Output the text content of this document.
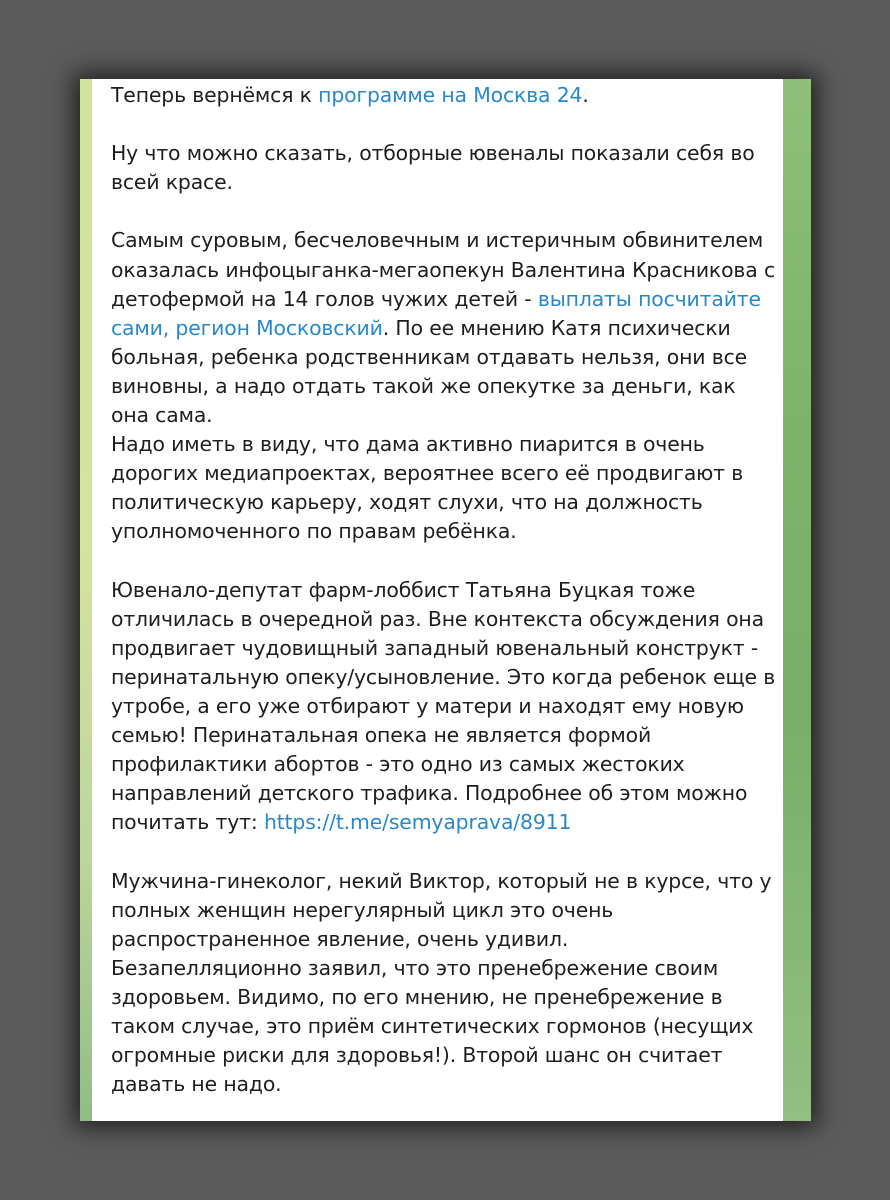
Теперь вернёмся к программе на Москва 24.

Ну что можно сказать, отборные ювеналы показали себя во всей красе.

Самым суровым, бесчеловечным и истеричным обвинителем оказалась инфоцыганка-мегаопекун Валентина Красникова с детофермой на 14 голов чужих детей - выплаты посчитайте сами, регион Московский. По ее мнению Катя психически больная, ребенка родственникам отдавать нельзя, они все виновны, а надо отдать такой же опекутке за деньги, как она сама.
Надо иметь в виду, что дама активно пиарится в очень дорогих медиапроектах, вероятнее всего её продвигают в политическую карьеру, ходят слухи, что на должность уполномоченного по правам ребёнка.

Ювенало-депутат фарм-лоббист Татьяна Буцкая тоже отличилась в очередной раз. Вне контекста обсуждения она продвигает чудовищный западный ювенальный конструкт - перинатальную опеку/усыновление. Это когда ребенок еще в утробе, а его уже отбирают у матери и находят ему новую семью! Перинатальная опека не является формой профилактики абортов - это одно из самых жестоких направлений детского трафика. Подробнее об этом можно почитать тут: https://t.me/semyaprava/8911

Мужчина-гинеколог, некий Виктор, который не в курсе, что у полных женщин нерегулярный цикл это очень распространенное явление, очень удивил.
Безапелляционно заявил, что это пренебрежение своим здоровьем. Видимо, по его мнению, не пренебрежение в таком случае, это приём синтетических гормонов (несущих огромные риски для здоровья!). Второй шанс он считает давать не надо.
